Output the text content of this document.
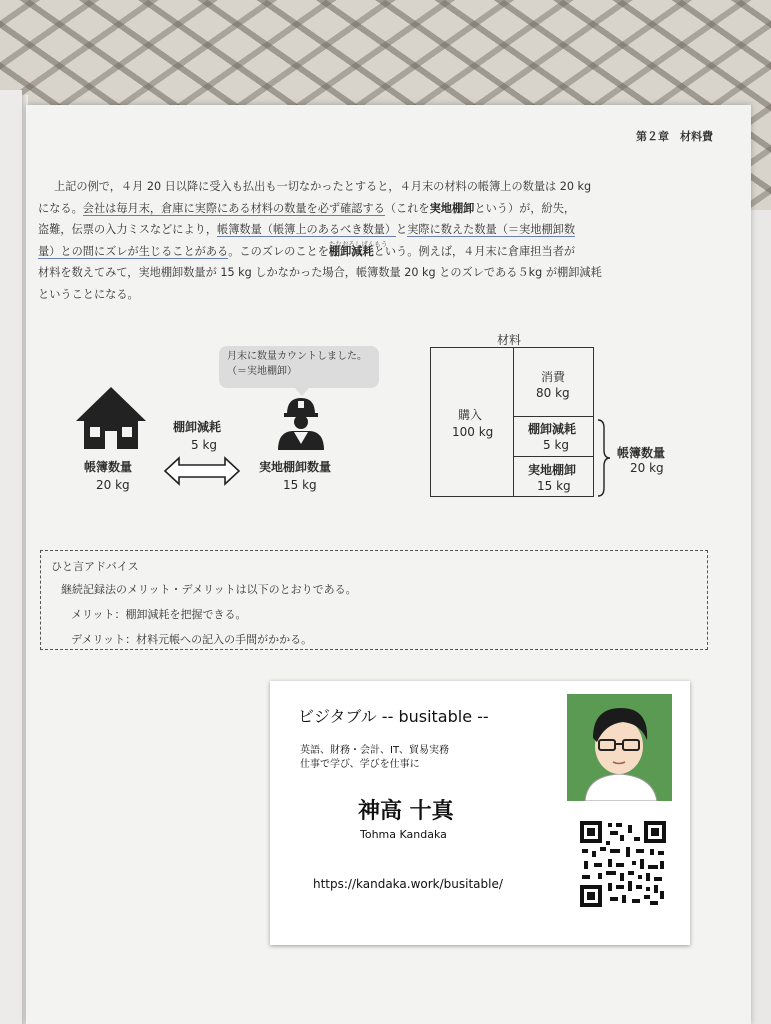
第２章　材料費
上記の例で，４月 20 日以降に受入も払出も一切なかったとすると，４月末の材料の帳簿上の数量は 20 kg
になる。会社は毎月末，倉庫に実際にある材料の数量を必ず確認する（これを実地棚卸という）が，紛失，
盗難，伝票の入力ミスなどにより，帳簿数量（帳簿上のあるべき数量）と実際に数えた数量（＝実地棚卸数
量）との間にズレが生じることがある。このズレのことを棚卸減耗
たなおろしげんもう
という。例えば，４月末に倉庫担当者が
材料を数えてみて，実地棚卸数量が 15 kg しかなかった場合，帳簿数量 20 kg とのズレである５kg が棚卸減耗
ということになる。
月末に数量カウントしました。
（＝実地棚卸）
帳簿数量
20 kg
棚卸減耗
5 kg
実地棚卸数量
15 kg
材料
購入
100 kg
消費
80 kg
棚卸減耗
5 kg
実地棚卸
15 kg
帳簿数量
20 kg
ひと言アドバイス
継続記録法のメリット・デメリットは以下のとおりである。
メリット：棚卸減耗を把握できる。
デメリット：材料元帳への記入の手間がかかる。
ビジタブル -- busitable --
英語、財務・会計、IT、貿易実務
仕事で学び、学びを仕事に
神高 十真
Tohma Kandaka
https://kandaka.work/busitable/
